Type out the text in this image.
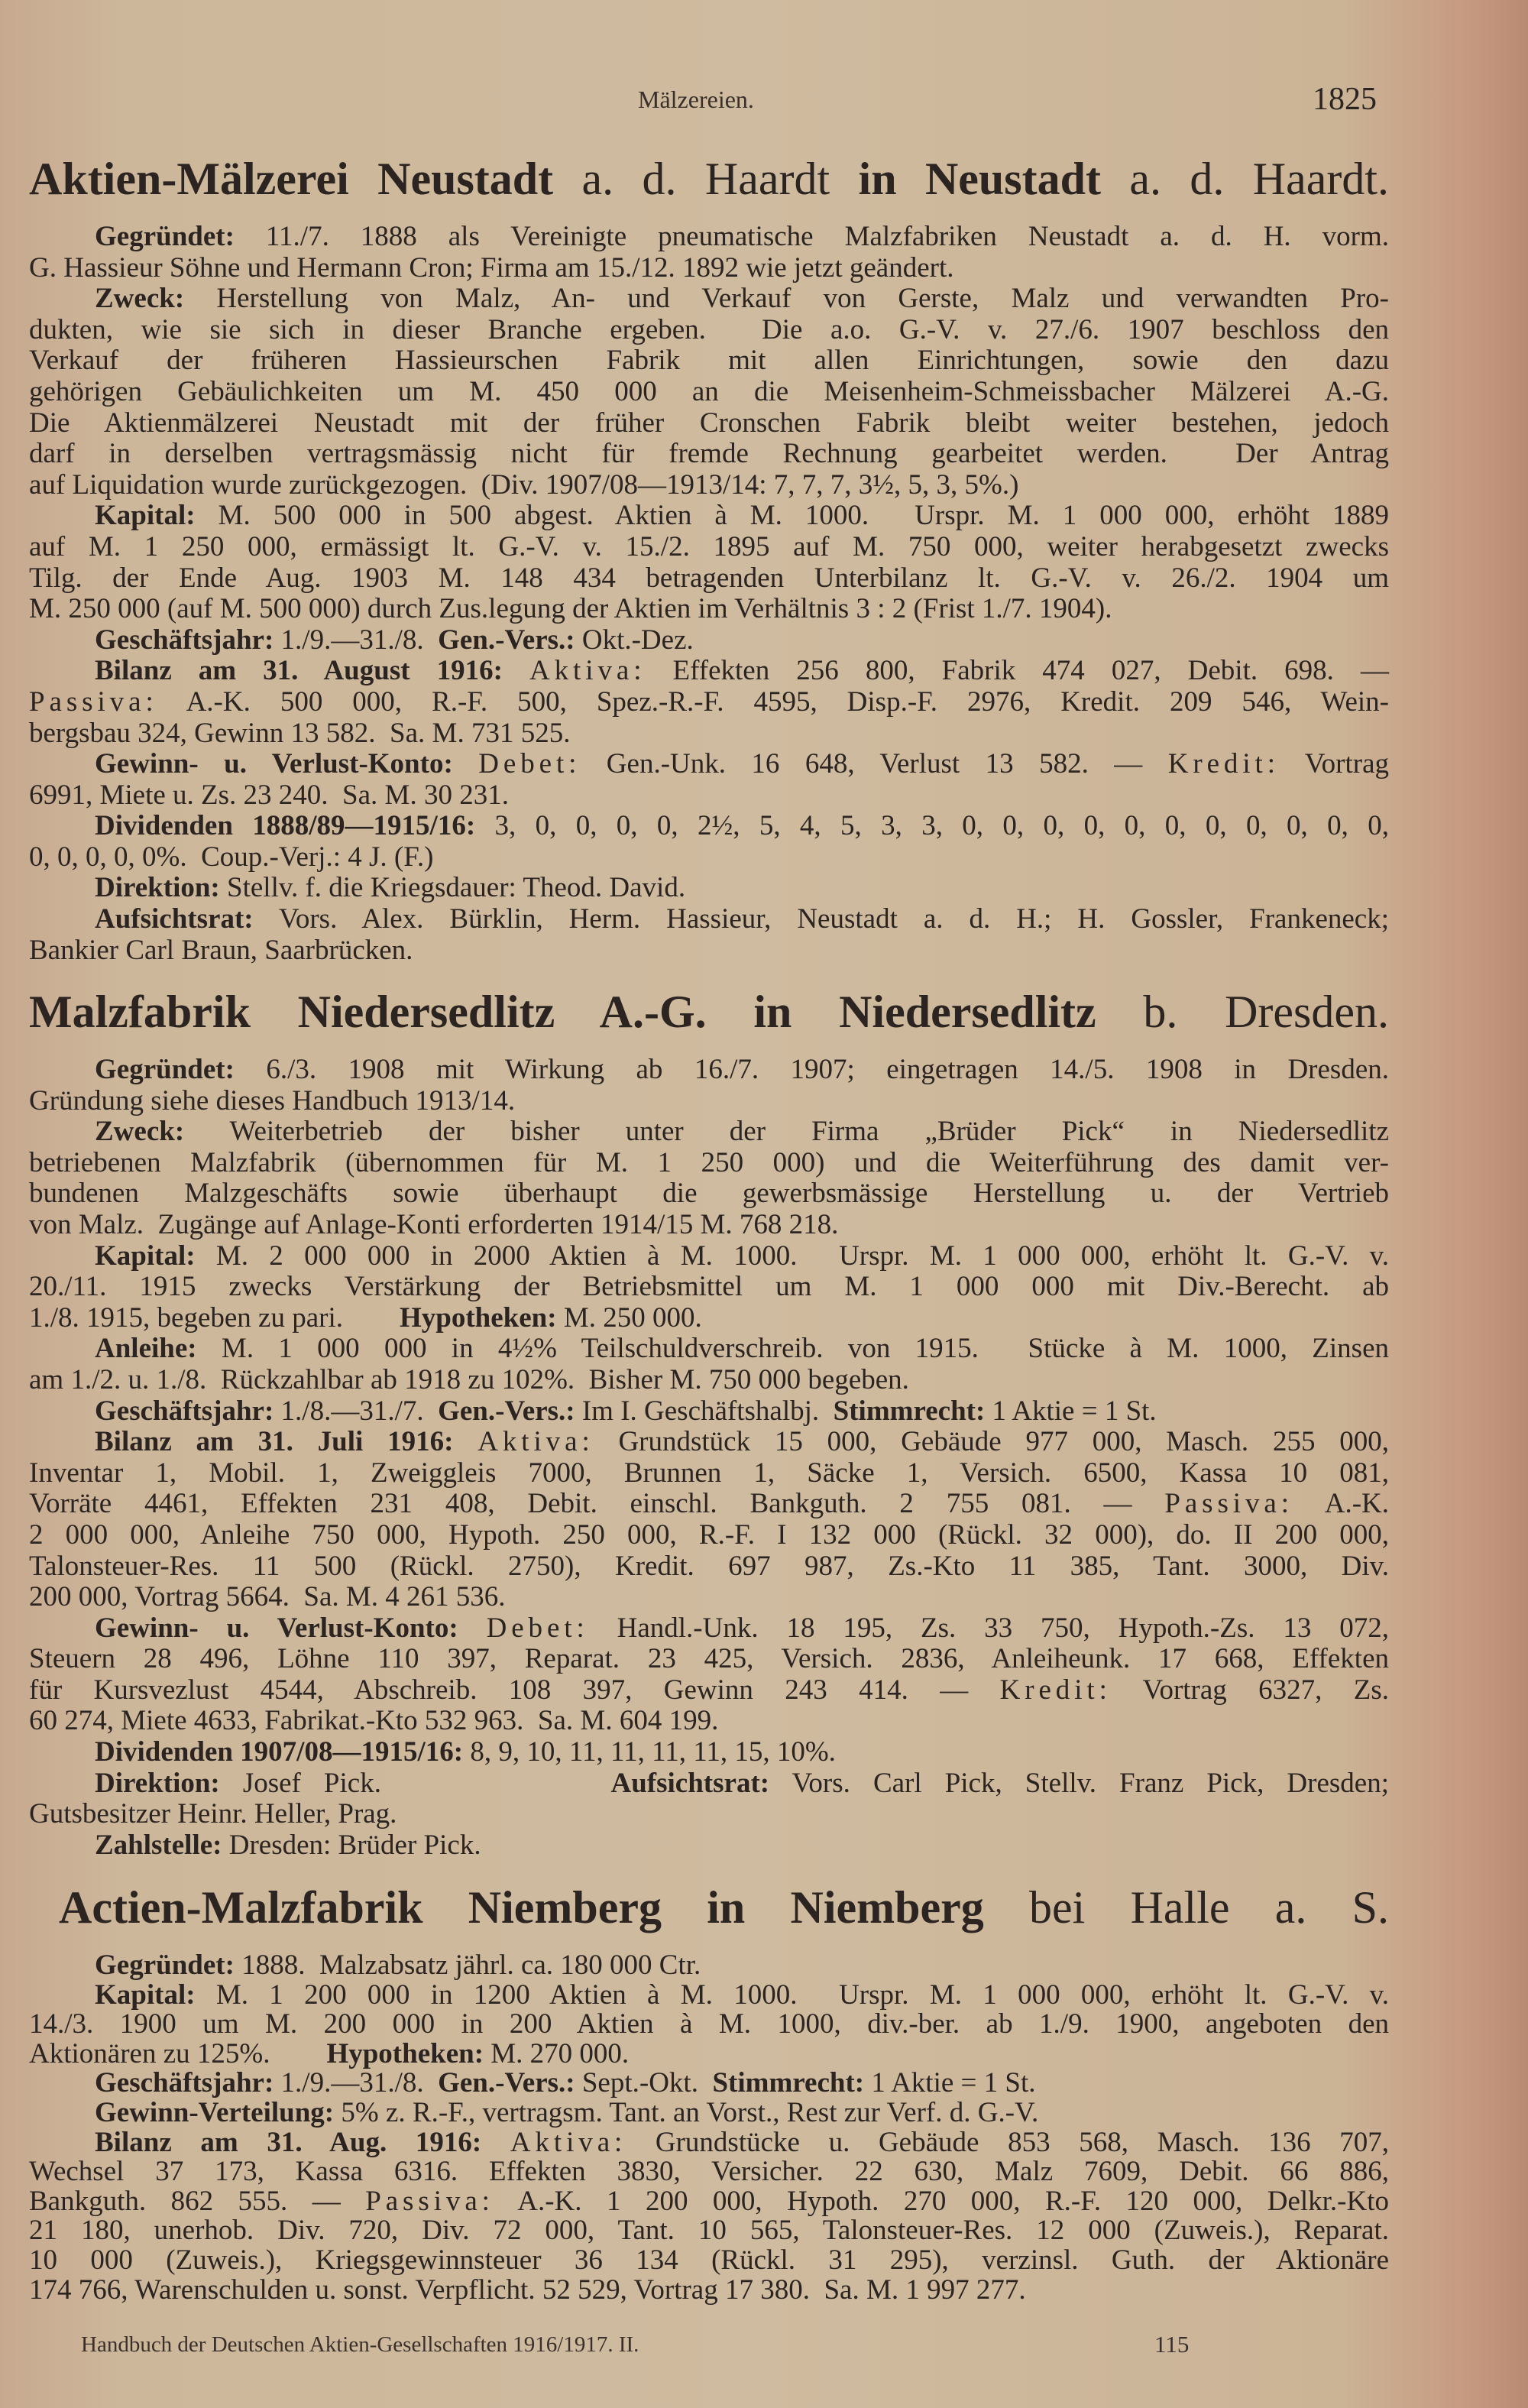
Mälzereien.	1825
Aktien-Mälzerei Neustadt a. d. Haardt in Neustadt a. d. Haardt.
Gegründet: 11./7. 1888 als Vereinigte pneumatische Malzfabriken Neustadt a. d. H. vorm.
G. Hassieur Söhne und Hermann Cron; Firma am 15./12. 1892 wie jetzt geändert.
Zweck: Herstellung von Malz, An- und Verkauf von Gerste, Malz und verwandten Pro-
dukten, wie sie sich in dieser Branche ergeben.  Die a.o. G.-V. v. 27./6. 1907 beschloss den
Verkauf der früheren Hassieurschen Fabrik mit allen Einrichtungen, sowie den dazu
gehörigen Gebäulichkeiten um M. 450 000 an die Meisenheim-Schmeissbacher Mälzerei A.-G.
Die Aktienmälzerei Neustadt mit der früher Cronschen Fabrik bleibt weiter bestehen, jedoch
darf in derselben vertragsmässig nicht für fremde Rechnung gearbeitet werden.  Der Antrag
auf Liquidation wurde zurückgezogen.  (Div. 1907/08—1913/14: 7, 7, 7, 3½, 5, 3, 5%.)
Kapital: M. 500 000 in 500 abgest. Aktien à M. 1000.  Urspr. M. 1 000 000, erhöht 1889
auf M. 1 250 000, ermässigt lt. G.-V. v. 15./2. 1895 auf M. 750 000, weiter herabgesetzt zwecks
Tilg. der Ende Aug. 1903 M. 148 434 betragenden Unterbilanz lt. G.-V. v. 26./2. 1904 um
M. 250 000 (auf M. 500 000) durch Zus.legung der Aktien im Verhältnis 3 : 2 (Frist 1./7. 1904).
Geschäftsjahr: 1./9.—31./8.  Gen.-Vers.: Okt.-Dez.
Bilanz am 31. August 1916: Aktiva: Effekten 256 800, Fabrik 474 027, Debit. 698. —
Passiva: A.-K. 500 000, R.-F. 500, Spez.-R.-F. 4595, Disp.-F. 2976, Kredit. 209 546, Wein-
bergsbau 324, Gewinn 13 582.  Sa. M. 731 525.
Gewinn- u. Verlust-Konto: Debet: Gen.-Unk. 16 648, Verlust 13 582. — Kredit: Vortrag
6991, Miete u. Zs. 23 240.  Sa. M. 30 231.
Dividenden 1888/89—1915/16: 3, 0, 0, 0, 0, 2½, 5, 4, 5, 3, 3, 0, 0, 0, 0, 0, 0, 0, 0, 0, 0, 0,
0, 0, 0, 0, 0%.  Coup.-Verj.: 4 J. (F.)
Direktion: Stellv. f. die Kriegsdauer: Theod. David.
Aufsichtsrat: Vors. Alex. Bürklin, Herm. Hassieur, Neustadt a. d. H.; H. Gossler, Frankeneck;
Bankier Carl Braun, Saarbrücken.
Malzfabrik Niedersedlitz A.-G. in Niedersedlitz b. Dresden.
Gegründet: 6./3. 1908 mit Wirkung ab 16./7. 1907; eingetragen 14./5. 1908 in Dresden.
Gründung siehe dieses Handbuch 1913/14.
Zweck: Weiterbetrieb der bisher unter der Firma „Brüder Pick“ in Niedersedlitz
betriebenen Malzfabrik (übernommen für M. 1 250 000) und die Weiterführung des damit ver-
bundenen Malzgeschäfts sowie überhaupt die gewerbsmässige Herstellung u. der Vertrieb
von Malz.  Zugänge auf Anlage-Konti erforderten 1914/15 M. 768 218.
Kapital: M. 2 000 000 in 2000 Aktien à M. 1000.  Urspr. M. 1 000 000, erhöht lt. G.-V. v.
20./11. 1915 zwecks Verstärkung der Betriebsmittel um M. 1 000 000 mit Div.-Berecht. ab
1./8. 1915, begeben zu pari.        Hypotheken: M. 250 000.
Anleihe: M. 1 000 000 in 4½% Teilschuldverschreib. von 1915.  Stücke à M. 1000, Zinsen
am 1./2. u. 1./8.  Rückzahlbar ab 1918 zu 102%.  Bisher M. 750 000 begeben.
Geschäftsjahr: 1./8.—31./7.  Gen.-Vers.: Im I. Geschäftshalbj.  Stimmrecht: 1 Aktie = 1 St.
Bilanz am 31. Juli 1916: Aktiva: Grundstück 15 000, Gebäude 977 000, Masch. 255 000,
Inventar 1, Mobil. 1, Zweiggleis 7000, Brunnen 1, Säcke 1, Versich. 6500, Kassa 10 081,
Vorräte 4461, Effekten 231 408, Debit. einschl. Bankguth. 2 755 081. — Passiva: A.-K.
2 000 000, Anleihe 750 000, Hypoth. 250 000, R.-F. I 132 000 (Rückl. 32 000), do. II 200 000,
Talonsteuer-Res. 11 500 (Rückl. 2750), Kredit. 697 987, Zs.-Kto 11 385, Tant. 3000, Div.
200 000, Vortrag 5664.  Sa. M. 4 261 536.
Gewinn- u. Verlust-Konto: Debet: Handl.-Unk. 18 195, Zs. 33 750, Hypoth.-Zs. 13 072,
Steuern 28 496, Löhne 110 397, Reparat. 23 425, Versich. 2836, Anleiheunk. 17 668, Effekten
für Kursvezlust 4544, Abschreib. 108 397, Gewinn 243 414. — Kredit: Vortrag 6327, Zs.
60 274, Miete 4633, Fabrikat.-Kto 532 963.  Sa. M. 604 199.
Dividenden 1907/08—1915/16: 8, 9, 10, 11, 11, 11, 11, 15, 10%.
Direktion: Josef Pick.          Aufsichtsrat: Vors. Carl Pick, Stellv. Franz Pick, Dresden;
Gutsbesitzer Heinr. Heller, Prag.
Zahlstelle: Dresden: Brüder Pick.
Actien-Malzfabrik Niemberg in Niemberg bei Halle a. S.
Gegründet: 1888.  Malzabsatz jährl. ca. 180 000 Ctr.
Kapital: M. 1 200 000 in 1200 Aktien à M. 1000.  Urspr. M. 1 000 000, erhöht lt. G.-V. v.
14./3. 1900 um M. 200 000 in 200 Aktien à M. 1000, div.-ber. ab 1./9. 1900, angeboten den
Aktionären zu 125%.        Hypotheken: M. 270 000.
Geschäftsjahr: 1./9.—31./8.  Gen.-Vers.: Sept.-Okt.  Stimmrecht: 1 Aktie = 1 St.
Gewinn-Verteilung: 5% z. R.-F., vertragsm. Tant. an Vorst., Rest zur Verf. d. G.-V.
Bilanz am 31. Aug. 1916: Aktiva: Grundstücke u. Gebäude 853 568, Masch. 136 707,
Wechsel 37 173, Kassa 6316. Effekten 3830, Versicher. 22 630, Malz 7609, Debit. 66 886,
Bankguth. 862 555. — Passiva: A.-K. 1 200 000, Hypoth. 270 000, R.-F. 120 000, Delkr.-Kto
21 180, unerhob. Div. 720, Div. 72 000, Tant. 10 565, Talonsteuer-Res. 12 000 (Zuweis.), Reparat.
10 000 (Zuweis.), Kriegsgewinnsteuer 36 134 (Rückl. 31 295), verzinsl. Guth. der Aktionäre
174 766, Warenschulden u. sonst. Verpflicht. 52 529, Vortrag 17 380.  Sa. M. 1 997 277.
Handbuch der Deutschen Aktien-Gesellschaften 1916/1917. II.	115
